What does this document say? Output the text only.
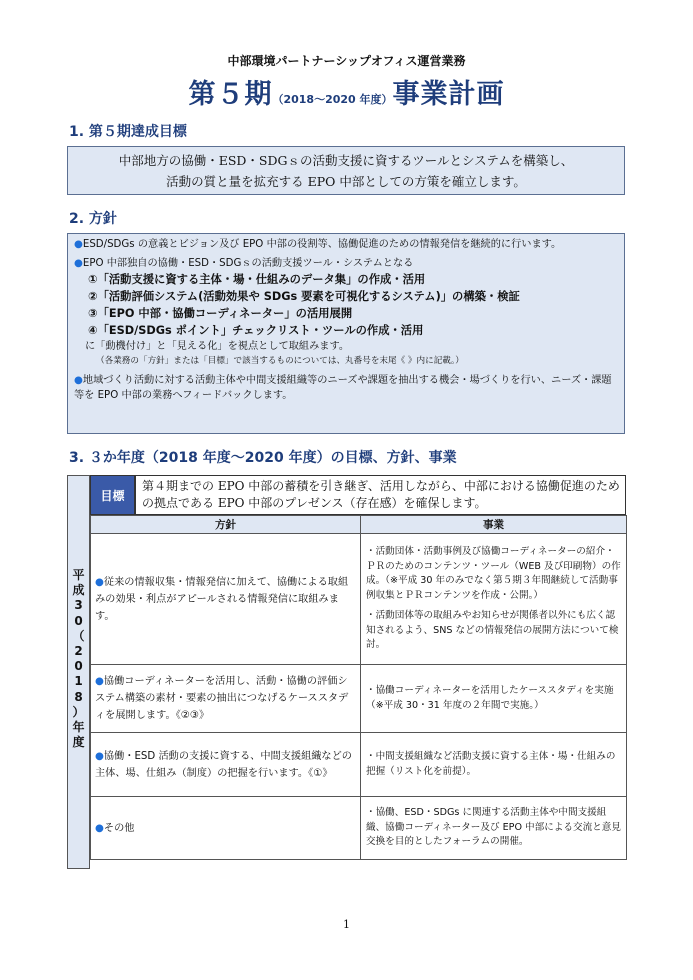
中部環境パートナーシップオフィス運営業務
第５期（2018～2020 年度）事業計画
1. 第５期達成目標
中部地方の協働・ESD・SDGｓの活動支援に資するツールとシステムを構築し、
活動の質と量を拡充する EPO 中部としての方策を確立します。
2. 方針
●ESD/SDGs の意義とビジョン及び EPO 中部の役割等、協働促進のための情報発信を継続的に行います。
●EPO 中部独自の協働・ESD・SDGｓの活動支援ツール・システムとなる
①「活動支援に資する主体・場・仕組みのデータ集」の作成・活用
②「活動評価システム(活動効果や SDGs 要素を可視化するシステム)」の構築・検証
③「EPO 中部・協働コーディネーター」の活用展開
④「ESD/SDGs ポイント」チェックリスト・ツールの作成・活用
に「動機付け」と「見える化」を視点として取組みます。
（各業務の「方針」または「目標」で該当するものについては、丸番号を末尾《 》内に記載。）
●地域づくり活動に対する活動主体や中間支援組織等のニーズや課題を抽出する機会・場づくりを行い、ニーズ・課題等を EPO 中部の業務へフィードバックします。
3. ３か年度（2018 年度～2020 年度）の目標、方針、事業
平
成
3
0
（
2
0
1
8
）
年
度
目標
第４期までの EPO 中部の蓄積を引き継ぎ、活用しながら、中部における協働促進のための拠点である EPO 中部のプレゼンス（存在感）を確保します。
方針	事業
●従来の情報収集・情報発信に加えて、協働による取組みの効果・利点がアピールされる情報発信に取組みます。	・活動団体・活動事例及び協働コーディネーターの紹介・ＰＲのためのコンテンツ・ツール（WEB 及び印刷物）の作成。（※平成 30 年のみでなく第５期３年間継続して活動事例収集とＰＲコンテンツを作成・公開。）
・活動団体等の取組みやお知らせが関係者以外にも広く認知されるよう、SNS などの情報発信の展開方法について検討。

●協働コーディネーターを活用し、活動・協働の評価システム構築の素材・要素の抽出につなげるケーススタディを展開します。《②③》	・協働コーディネーターを活用したケーススタディを実施（※平成 30・31 年度の２年間で実施。）

●協働・ESD 活動の支援に資する、中間支援組織などの主体、場、仕組み（制度）の把握を行います。《①》	・中間支援組織など活動支援に資する主体・場・仕組みの把握（リスト化を前提）。

●その他	・協働、ESD・SDGs に関連する活動主体や中間支援組織、協働コーディネーター及び EPO 中部による交流と意見交換を目的としたフォーラムの開催。
1
